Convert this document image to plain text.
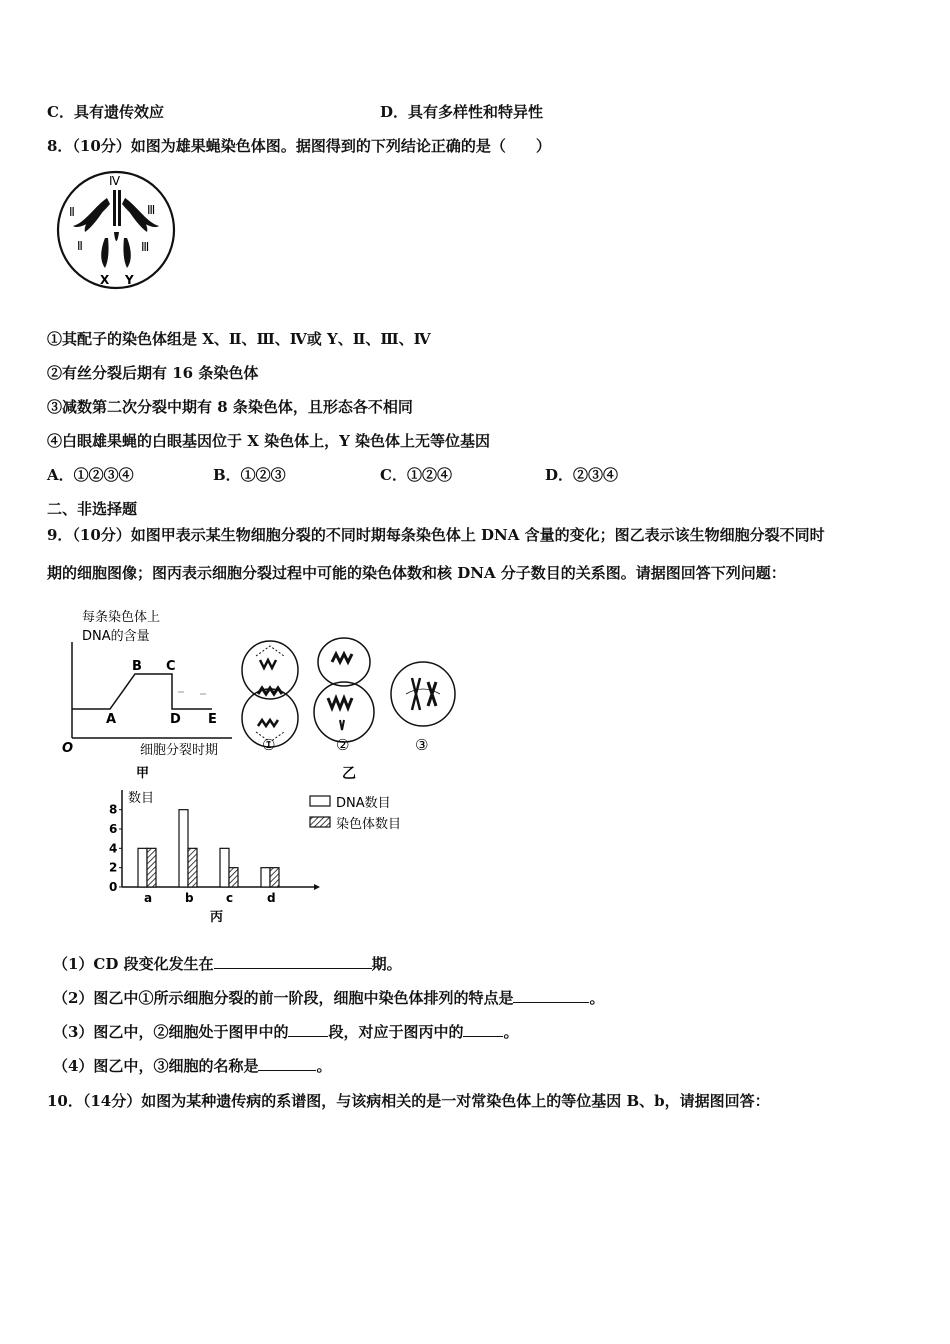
C．具有遗传效应	D．具有多样性和特异性
8．（10分）如图为雄果蝇染色体图。据图得到的下列结论正确的是（　　）
Ⅳ
Ⅱ	Ⅲ
Ⅱ	Ⅲ
X Y
①其配子的染色体组是 X、Ⅱ、Ⅲ、Ⅳ或 Y、Ⅱ、Ⅲ、Ⅳ
②有丝分裂后期有 16 条染色体
③减数第二次分裂中期有 8 条染色体，且形态各不相同
④白眼雄果蝇的白眼基因位于 X 染色体上，Y 染色体上无等位基因
A．①②③④	B．①②③	C．①②④	D．②③④
二、非选择题
9．（10分）如图甲表示某生物细胞分裂的不同时期每条染色体上 DNA 含量的变化；图乙表示该生物细胞分裂不同时
期的细胞图像；图丙表示细胞分裂过程中可能的染色体数和核 DNA 分子数目的关系图。请据图回答下列问题：
每条染色体上
DNA的含量
A
B C
D E
O	细胞分裂时期
甲
①	②	③
乙
数目
0
2
4
6
8
a	b	c	d
丙
DNA数目
染色体数目
（1）CD 段变化发生在	期。
（2）图乙中①所示细胞分裂的前一阶段，细胞中染色体排列的特点是	。
（3）图乙中，②细胞处于图甲中的	段，对应于图丙中的	。
（4）图乙中，③细胞的名称是	。
10．（14分）如图为某种遗传病的系谱图，与该病相关的是一对常染色体上的等位基因 B、b，请据图回答：
